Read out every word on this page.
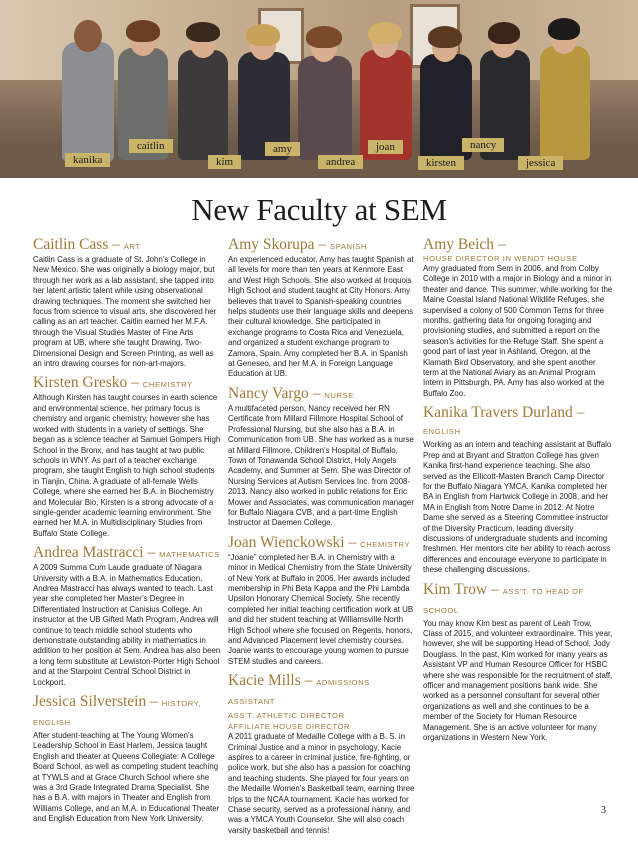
caitlin
kanika	kim
amy
andrea
joan
kirsten
nancy
jessica
New Faculty at SEM
Caitlin Cass – ART
Caitlin Cass is a graduate of St. John’s College in New Mexico. She was originally a biology major, but through her work as a lab assistant, she tapped into her latent artistic talent while using observational drawing techniques. The moment she switched her focus from science to visual arts, she discovered her calling as an art teacher. Caitlin earned her M.F.A. through the Visual Studies Master of Fine Arts program at UB, where she taught Drawing, Two-Dimensional Design and Screen Printing, as well as an intro drawing courses for non-art-majors.
Kirsten Gresko – CHEMISTRY
Although Kirsten has taught courses in earth science and environmental science, her primary focus is chemistry and organic chemistry, however she has worked with students in a variety of settings. She began as a science teacher at Samuel Gompers High School in the Bronx, and has taught at two public schools in WNY. As part of a teacher exchange program, she taught English to high school students in Tianjin, China. A graduate of all-female Wells College, where she earned her B.A. in Biochemistry and Molecular Bio, Kirsten is a strong advocate of a single-gender academic learning environment. She earned her M.A. in Multidisciplinary Studies from Buffalo State College.
Andrea Mastracci – MATHEMATICS
A 2009 Summa Cum Laude graduate of Niagara University with a B.A. in Mathematics Education, Andrea Mastracci has always wanted to teach. Last year she completed her Master’s Degree in Differentiated Instruction at Canisius College. An instructor at the UB Gifted Math Program, Andrea will continue to teach middle school students who demonstrate outstanding ability in mathematics in addition to her position at Sem. Andrea has also been a long term substitute at Lewiston-Porter High School and at the Starpoint Central School District in Lockport.
Jessica Silverstein – HISTORY, ENGLISH
After student-teaching at The Young Women’s Leadership School in East Harlem, Jessica taught English and theater at Queens Collegiate: A College Board School, as well as competing student teaching at TYWLS and at Grace Church School where she was a 3rd Grade Integrated Drama Specialist. She has a B.A. with majors in Theater and English from Williams College, and an M.A. in Educational Theater and English Education from New York University.
Amy Skorupa – SPANISH
An experienced educator, Amy has taught Spanish at all levels for more than ten years at Kenmore East and West High Schools. She also worked at Iroquois High School and student taught at City Honors. Amy believes that travel to Spanish-speaking countries helps students use their language skills and deepens their cultural knowledge. She participated in exchange programs to Costa Rica and Venezuela, and organized a student exchange program to Zamora, Spain. Amy completed her B.A. in Spanish at Geneseo, and her M.A. in Foreign Language Education at UB.
Nancy Vargo – NURSE
A multifaceted person, Nancy received her RN Certificate from Millard Fillmore Hospital School of Professional Nursing, but she also has a B.A. in Communication from UB. She has worked as a nurse at Millard Fillmore, Children’s Hospital of Buffalo, Town of Tonawanda School District, Holy Angels Academy, and Summer at Sem. She was Director of Nursing Services at Autism Services Inc. from 2008-2013. Nancy also worked in public relations for Eric Mower and Associates, was communication manager for Buffalo Niagara CVB, and a part-time English Instructor at Daemen College.
Joan Wienckowski – CHEMISTRY
“Joanie” completed her B.A. in Chemistry with a minor in Medical Chemistry from the State University of New York at Buffalo in 2006. Her awards included membership in Phi Beta Kappa and the Phi Lambda Upsilon Honorary Chemical Society. She recently completed her initial teaching certification work at UB and did her student teaching at Williamsville North High School where she focused on Regents, honors, and Advanced Placement level chemistry courses. Joanie wants to encourage young women to pursue STEM studies and careers.
Kacie Mills – ADMISSIONS ASSISTANT
ASS’T. ATHLETIC DIRECTOR
AFFILIATE HOUSE DIRECTOR
A 2011 graduate of Medaille College with a B. S. in Criminal Justice and a minor in psychology, Kacie aspires to a career in criminal justice, fire-fighting, or police work, but she also has a passion for coaching and teaching students. She played for four years on the Medaille Women’s Basketball team, earning three trips to the NCAA tournament. Kacie has worked for Chase security, served as a professional nanny, and was a YMCA Youth Counselor. She will also coach varsity basketball and tennis!
Amy Beich –
HOUSE DIRECTOR IN WENDT HOUSE
Amy graduated from Sem in 2006, and from Colby College in 2010 with a major in Biology and a minor in theater and dance. This summer, while working for the Maine Coastal Island National Wildlife Refuges, she supervised a colony of 500 Common Terns for three months, gathering data for ongoing foraging and provisioning studies, and submitted a report on the season’s activities for the Refuge Staff. She spent a good part of last year in Ashland, Oregon, at the Klamath Bird Observatory, and she spent another term at the National Aviary as an Animal Program Intern in Pittsburgh, PA. Amy has also worked at the Buffalo Zoo.
Kanika Travers Durland – ENGLISH
Working as an intern and teaching assistant at Buffalo Prep and at Bryant and Stratton College has given Kanika first-hand experience teaching. She also served as the Ellicott-Masten Branch Camp Director for the Buffalo Niagara YMCA. Kanika completed her BA in English from Hartwick College in 2008, and her MA in English from Notre Dame in 2012. At Notre Dame she served as a Steering Committee instructor of the Diversity Practicum, leading diversity discussions of undergraduate students and incoming freshmen. Her mentors cite her ability to reach across differences and encourage everyone to participate in these challenging discussions.
Kim Trow – ASS’T. TO HEAD OF SCHOOL
You may know Kim best as parent of Leah Trow, Class of 2015, and volunteer extraordinaire. This year, however, she will be supporting Head of School, Jody Douglass. In the past, Kim worked for many years as Assistant VP and Human Resource Officer for HSBC where she was responsible for the recruitment of staff, officer and management positions bank wide. She worked as a personnel consultant for several other organizations as well and she continues to be a member of the Society for Human Resource Management. She is an active volunteer for many organizations in Western New York.
3
